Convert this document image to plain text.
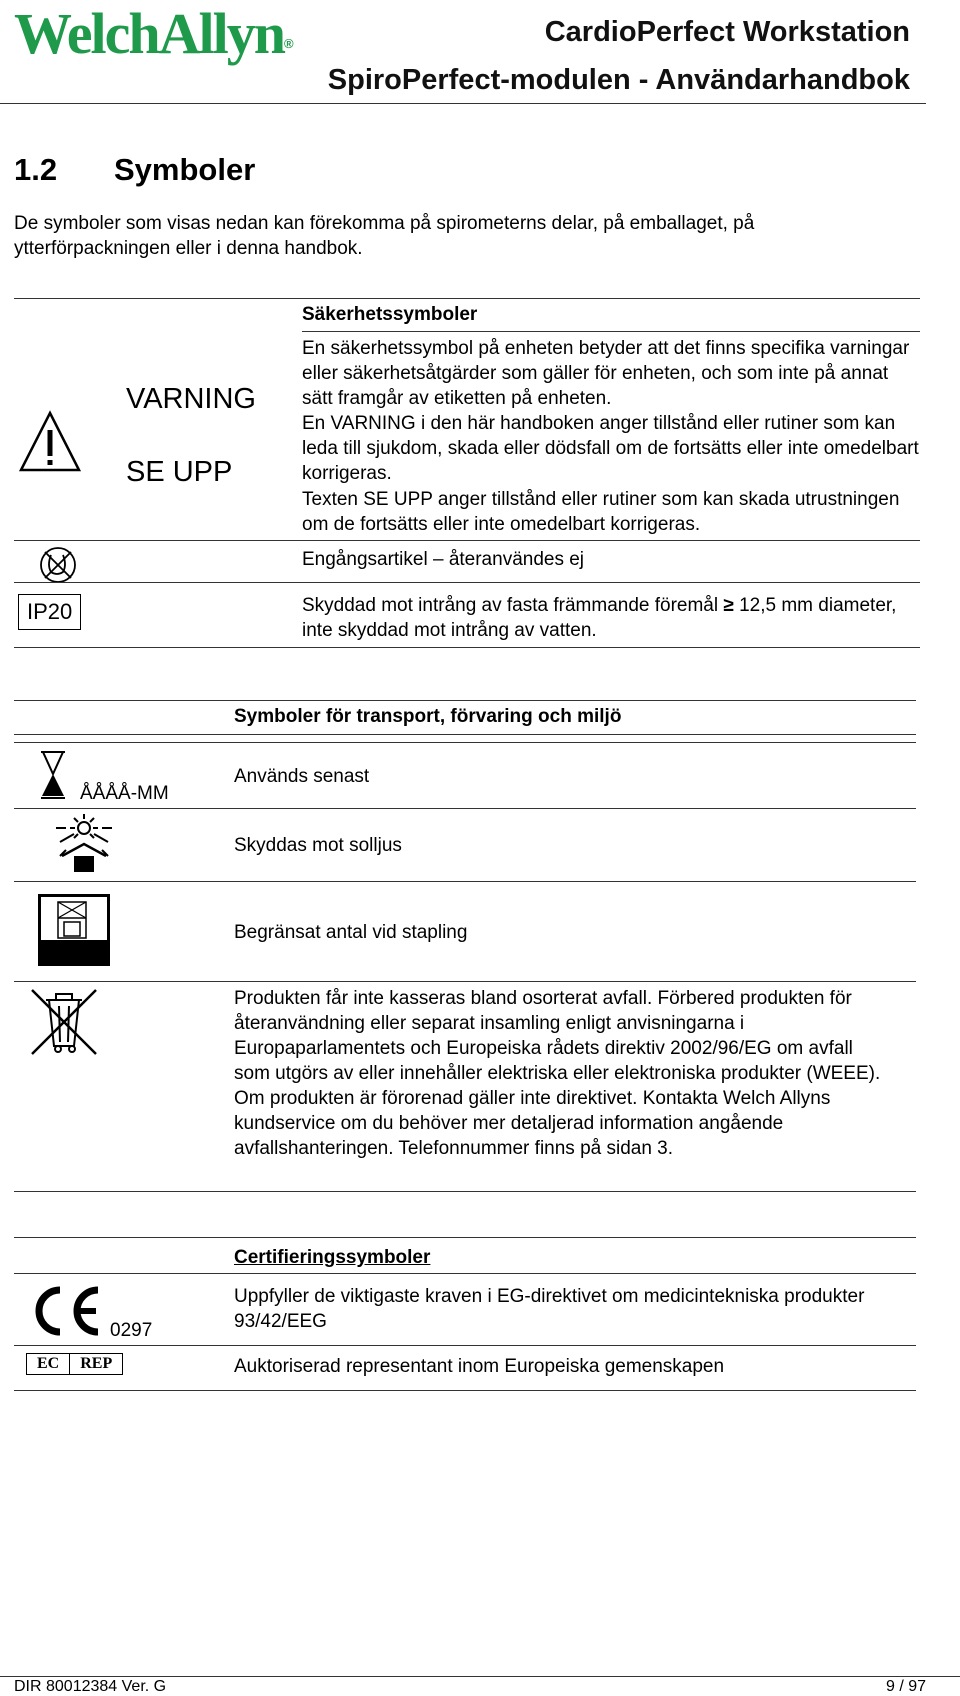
WelchAllyn®	CardioPerfect Workstation
SpiroPerfect-modulen - Användarhandbok
1.2 Symboler
De symboler som visas nedan kan förekomma på spirometerns delar, på emballaget, på ytterförpackningen eller i denna handbok.
Säkerhetssymboler
VARNING
SE UPP
En säkerhetssymbol på enheten betyder att det finns specifika varningar eller säkerhetsåtgärder som gäller för enheten, och som inte på annat sätt framgår av etiketten på enheten.
En VARNING i den här handboken anger tillstånd eller rutiner som kan leda till sjukdom, skada eller dödsfall om de fortsätts eller inte omedelbart korrigeras.
Texten SE UPP anger tillstånd eller rutiner som kan skada utrustningen om de fortsätts eller inte omedelbart korrigeras.
Engångsartikel – återanvändes ej
IP20	Skyddad mot intrång av fasta främmande föremål ≥ 12,5 mm diameter, inte skyddad mot intrång av vatten.
Symboler för transport, förvaring och miljö
ÅÅÅÅ-MM
Används senast
Skyddas mot solljus
Begränsat antal vid stapling
Produkten får inte kasseras bland osorterat avfall. Förbered produkten för återanvändning eller separat insamling enligt anvisningarna i Europaparlamentets och Europeiska rådets direktiv 2002/96/EG om avfall som utgörs av eller innehåller elektriska eller elektroniska produkter (WEEE). Om produkten är förorenad gäller inte direktivet. Kontakta Welch Allyns kundservice om du behöver mer detaljerad information angående avfallshanteringen. Telefonnummer finns på sidan 3.
Certifieringssymboler
0297
Uppfyller de viktigaste kraven i EG-direktivet om medicintekniska produkter 93/42/EEG
EC	REP	Auktoriserad representant inom Europeiska gemenskapen
DIR 80012384 Ver. G	9 / 97
